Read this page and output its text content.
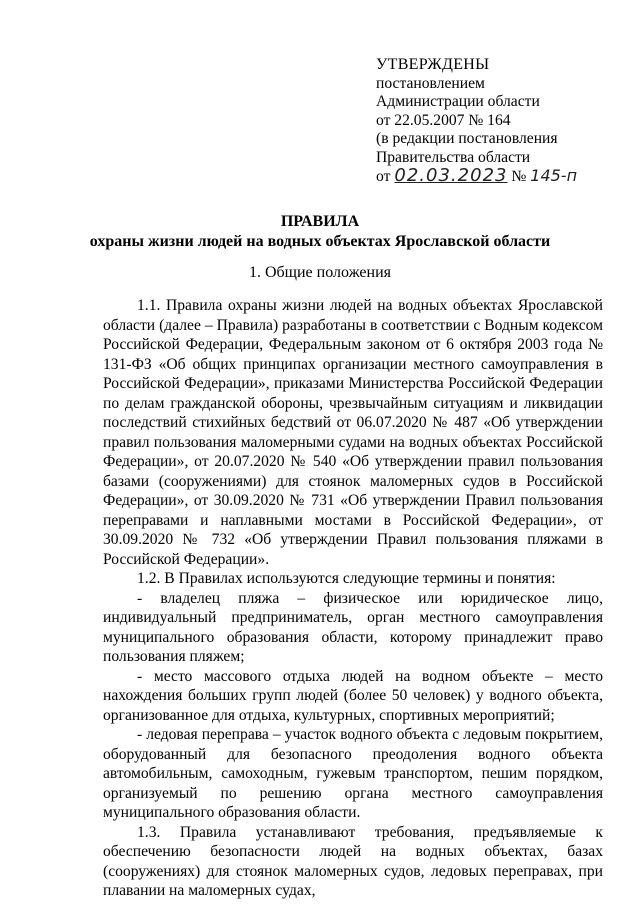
УТВЕРЖДЕНЫ
постановлением
Администрации области
от 22.05.2007 № 164
(в редакции постановления
Правительства области
от 02.03.2023 № 145-п
ПРАВИЛА
охраны жизни людей на водных объектах Ярославской области
1. Общие положения

1.1. Правила охраны жизни людей на водных объектах Ярославской области (далее – Правила) разработаны в соответствии с Водным кодексом Российской Федерации, Федеральным законом от 6 октября 2003 года № 131-ФЗ «Об общих принципах организации местного самоуправления в Российской Федерации», приказами Министерства Российской Федерации по делам гражданской обороны, чрезвычайным ситуациям и ликвидации последствий стихийных бедствий от 06.07.2020 № 487 «Об утверждении правил пользования маломерными судами на водных объектах Российской Федерации», от 20.07.2020 № 540 «Об утверждении правил пользования базами (сооружениями) для стоянок маломерных судов в Российской Федерации», от 30.09.2020 № 731 «Об утверждении Правил пользования переправами и наплавными мостами в Российской Федерации», от 30.09.2020 № 732 «Об утверждении Правил пользования пляжами в Российской Федерации».

1.2. В Правилах используются следующие термины и понятия:

- владелец пляжа – физическое или юридическое лицо, индивидуальный предприниматель, орган местного самоуправления муниципального образования области, которому принадлежит право пользования пляжем;

- место массового отдыха людей на водном объекте – место нахождения больших групп людей (более 50 человек) у водного объекта, организованное для отдыха, культурных, спортивных мероприятий;

- ледовая переправа – участок водного объекта с ледовым покрытием, оборудованный для безопасного преодоления водного объекта автомобильным, самоходным, гужевым транспортом, пешим порядком, организуемый по решению органа местного самоуправления муниципального образования области.

1.3. Правила устанавливают требования, предъявляемые к обеспечению безопасности людей на водных объектах, базах (сооружениях) для стоянок маломерных судов, ледовых переправах, при плавании на маломерных судах,
